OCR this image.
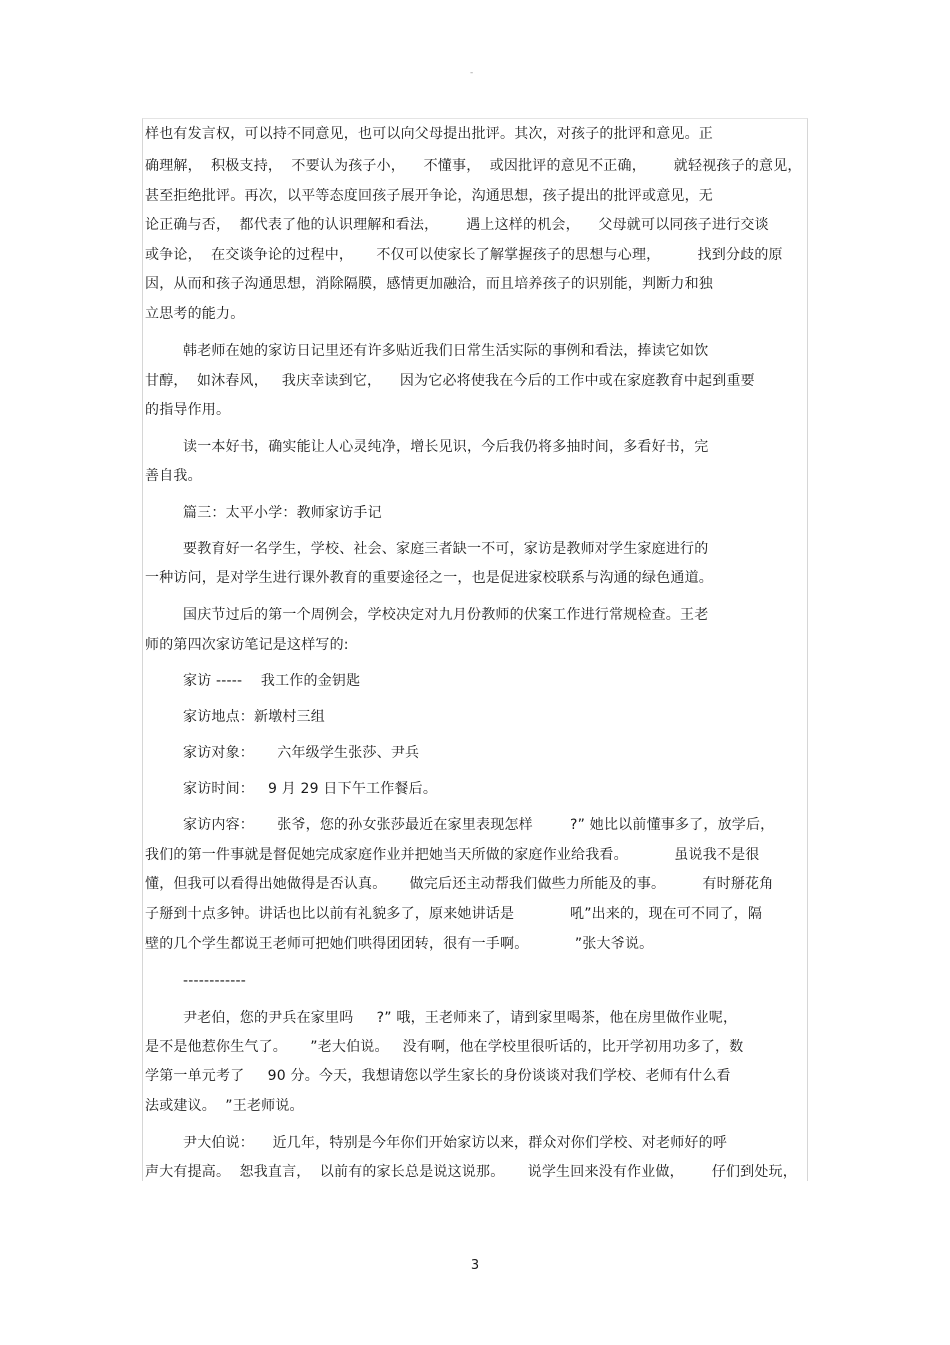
-
样也有发言权，可以持不同意见，也可以向父母提出批评。其次，对孩子的批评和意见。正
确理解，  积极支持，  不要认为孩子小，    不懂事，  或因批评的意见不正确，      就轻视孩子的意见，
甚至拒绝批评。再次，以平等态度回孩子展开争论，沟通思想，孩子提出的批评或意见，无
论正确与否，  都代表了他的认识理解和看法，      遇上这样的机会，    父母就可以同孩子进行交谈
或争论，  在交谈争论的过程中，     不仅可以使家长了解掌握孩子的思想与心理，        找到分歧的原
因，从而和孩子沟通思想，消除隔膜，感情更加融洽，而且培养孩子的识别能，判断力和独
立思考的能力。
韩老师在她的家访日记里还有许多贴近我们日常生活实际的事例和看法，捧读它如饮
甘醇，  如沐春风，   我庆幸读到它，    因为它必将使我在今后的工作中或在家庭教育中起到重要
的指导作用。
读一本好书，确实能让人心灵纯净，增长见识，今后我仍将多抽时间，多看好书，完
善自我。
篇三：太平小学：教师家访手记
要教育好一名学生，学校、社会、家庭三者缺一不可，家访是教师对学生家庭进行的
一种访问，是对学生进行课外教育的重要途径之一，也是促进家校联系与沟通的绿色通道。
国庆节过后的第一个周例会，学校决定对九月份教师的伏案工作进行常规检查。王老
师的第四次家访笔记是这样写的:
家访 -----    我工作的金钥匙
家访地点：新墩村三组
家访对象：     六年级学生张莎、尹兵
家访时间：   9 月 29 日下午工作餐后。
家访内容：     张爷，您的孙女张莎最近在家里表现怎样        ?” 她比以前懂事多了，放学后，
我们的第一件事就是督促她完成家庭作业并把她当天所做的家庭作业给我看。          虽说我不是很
懂，但我可以看得出她做得是否认真。     做完后还主动帮我们做些力所能及的事。        有时掰花角
子掰到十点多钟。讲话也比以前有礼貌多了，原来她讲话是            吼”出来的，现在可不同了，隔
壁的几个学生都说王老师可把她们哄得团团转，很有一手啊。          ”张大爷说。
------------
尹老伯，您的尹兵在家里吗     ?” 哦，王老师来了，请到家里喝茶，他在房里做作业呢，
是不是他惹你生气了。     ”老大伯说。   没有啊，他在学校里很听话的，比开学初用功多了，数
学第一单元考了     90 分。今天，我想请您以学生家长的身份谈谈对我们学校、老师有什么看
法或建议。  ”王老师说。
尹大伯说：    近几年，特别是今年你们开始家访以来，群众对你们学校、对老师好的呼
声大有提高。  恕我直言，  以前有的家长总是说这说那。     说学生回来没有作业做，      仔们到处玩，
3
